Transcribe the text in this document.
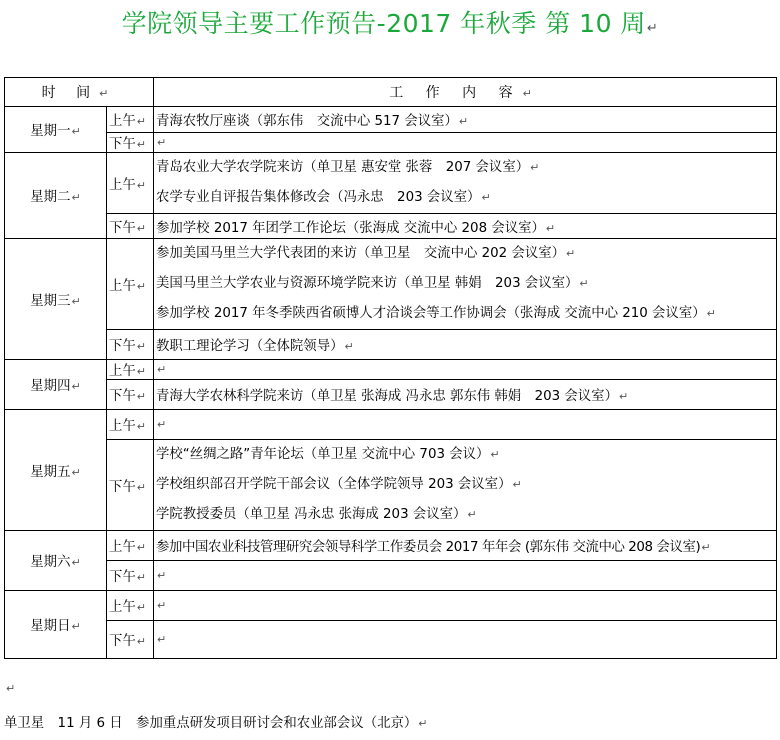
学院领导主要工作预告-2017 年秋季 第 10 周↵
时 间↵		工 作 内 容↵
星期一↵	上午↵	青海农牧厅座谈（郭东伟　交流中心 517 会议室）↵
	下午↵	↵
星期二↵	上午↵	青岛农业大学农学院来访（单卫星 惠安堂 张蓉　207 会议室）↵
农学专业自评报告集体修改会（冯永忠　203 会议室）↵

	下午↵	参加学校 2017 年团学工作论坛（张海成 交流中心 208 会议室）↵
星期三↵	上午↵	参加美国马里兰大学代表团的来访（单卫星　交流中心 202 会议室）↵
美国马里兰大学农业与资源环境学院来访（单卫星 韩娟　203 会议室）↵
参加学校 2017 年冬季陕西省硕博人才洽谈会等工作协调会（张海成 交流中心 210 会议室）↵

	下午↵	教职工理论学习（全体院领导）↵
星期四↵	上午↵	↵
	下午↵	青海大学农林科学院来访（单卫星 张海成 冯永忠 郭东伟 韩娟　203 会议室）↵
星期五↵	上午↵	↵
	下午↵	学校“丝绸之路”青年论坛（单卫星 交流中心 703 会议）↵
学校组织部召开学院干部会议（全体学院领导 203 会议室）↵
学院教授委员（单卫星 冯永忠 张海成 203 会议室）↵

星期六↵	上午↵	参加中国农业科技管理研究会领导科学工作委员会 2017 年年会 (郭东伟 交流中心 208 会议室)↵
	下午↵	↵
星期日↵	上午↵	↵
	下午↵	↵
↵
单卫星　11 月 6 日　参加重点研发项目研讨会和农业部会议（北京）↵
